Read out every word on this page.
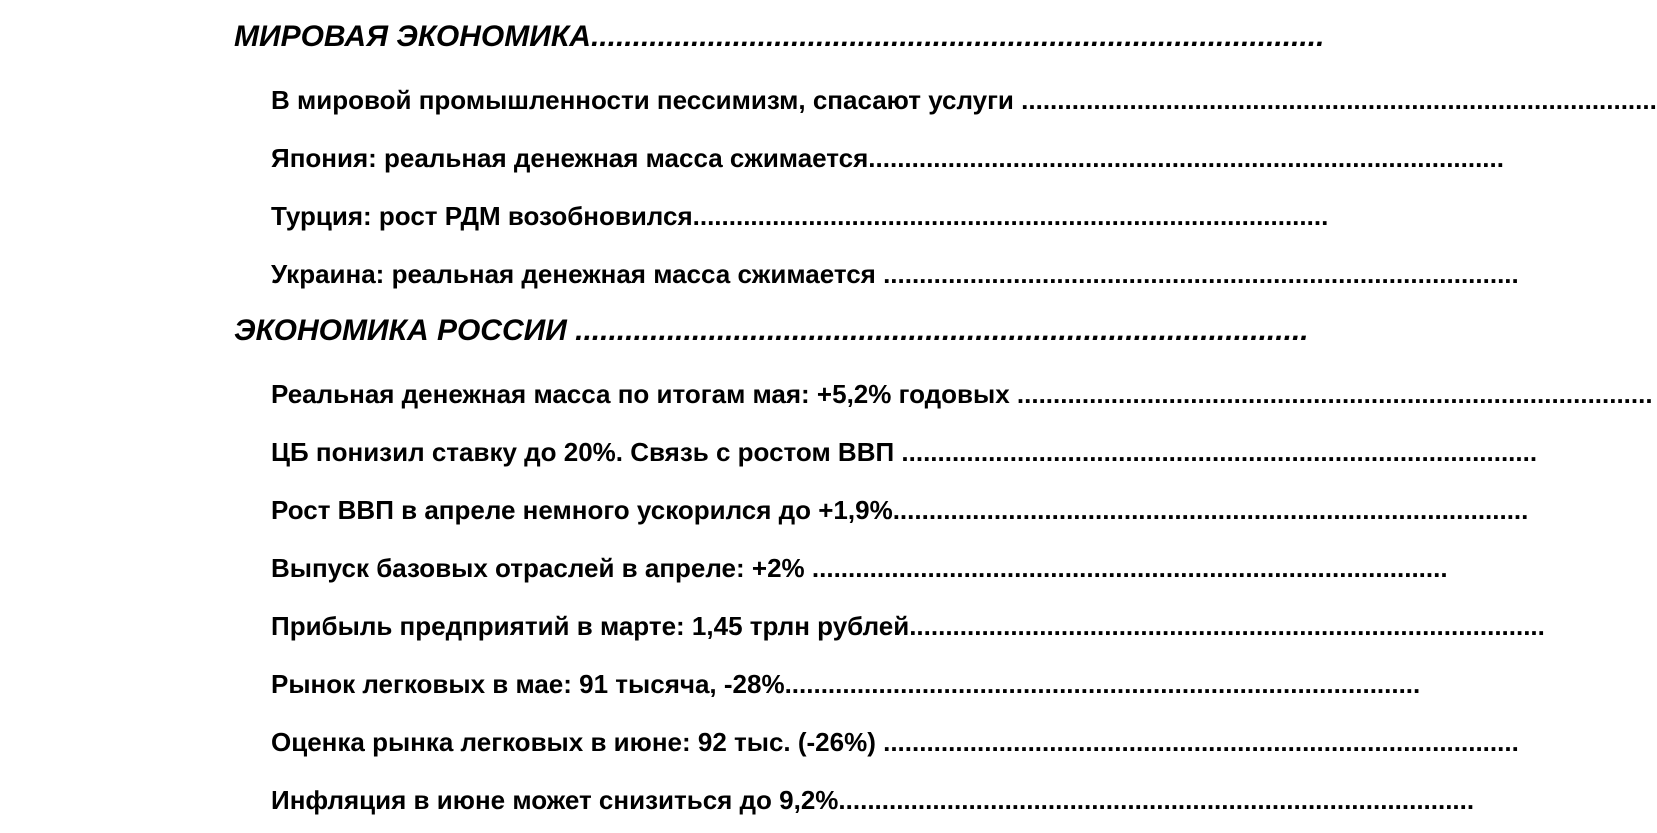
МИРОВАЯ ЭКОНОМИКА........................................................................................
В мировой промышленности пессимизм, спасают услуги ........................................................................................
Япония: реальная денежная масса сжимается........................................................................................
Турция: рост РДМ возобновился........................................................................................
Украина: реальная денежная масса сжимается ........................................................................................
ЭКОНОМИКА РОССИИ ........................................................................................
Реальная денежная масса по итогам мая: +5,2% годовых ........................................................................................
ЦБ понизил ставку до 20%. Связь с ростом ВВП ........................................................................................
Рост ВВП в апреле немного ускорился до +1,9%........................................................................................
Выпуск базовых отраслей в апреле: +2% ........................................................................................
Прибыль предприятий в марте: 1,45 трлн рублей........................................................................................
Рынок легковых в мае: 91 тысяча, -28%........................................................................................
Оценка рынка легковых в июне: 92 тыс. (-26%) ........................................................................................
Инфляция в июне может снизиться до 9,2%........................................................................................
